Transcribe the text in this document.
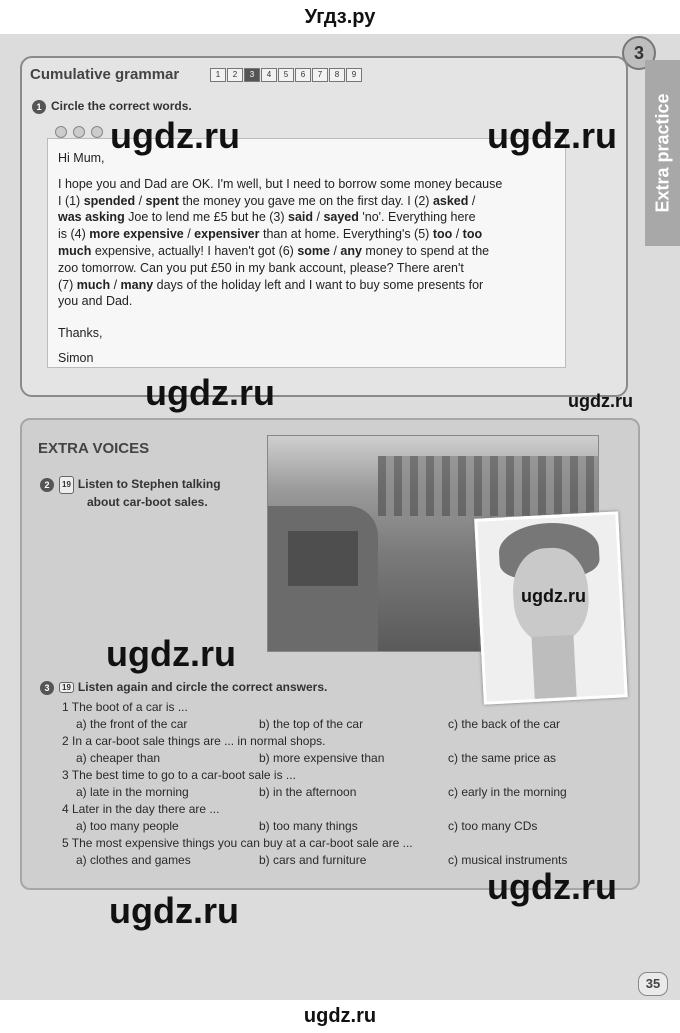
Угдз.ру
3
Extra practice
Cumulative grammar	1	2	3	4	5	6	7	8	9
1 Circle the correct words.
Hi Mum,
I hope you and Dad are OK. I'm well, but I need to borrow some money because
I (1) spended / spent the money you gave me on the first day. I (2) asked /
was asking Joe to lend me £5 but he (3) said / sayed 'no'. Everything here
is (4) more expensive / expensiver than at home. Everything's (5) too / too
much expensive, actually! I haven't got (6) some / any money to spend at the
zoo tomorrow. Can you put £50 in my bank account, please? There aren't
(7) much / many days of the holiday left and I want to buy some presents for
you and Dad.
Thanks,
Simon
EXTRA VOICES
2 19 Listen to Stephen talking
about car-boot sales.
3 19 Listen again and circle the correct answers.
1 The boot of a car is ...
a) the front of the car	b) the top of the car	c) the back of the car
2 In a car-boot sale things are ... in normal shops.
a) cheaper than	b) more expensive than	c) the same price as
3 The best time to go to a car-boot sale is ...
a) late in the morning	b) in the afternoon	c) early in the morning
4 Later in the day there are ...
a) too many people	b) too many things	c) too many CDs
5 The most expensive things you can buy at a car-boot sale are ...
a) clothes and games	b) cars and furniture	c) musical instruments
35
ugdz.ru	ugdz.ru
ugdz.ru	ugdz.ru
ugdz.ru
ugdz.ru
ugdz.ru
ugdz.ru
ugdz.ru
